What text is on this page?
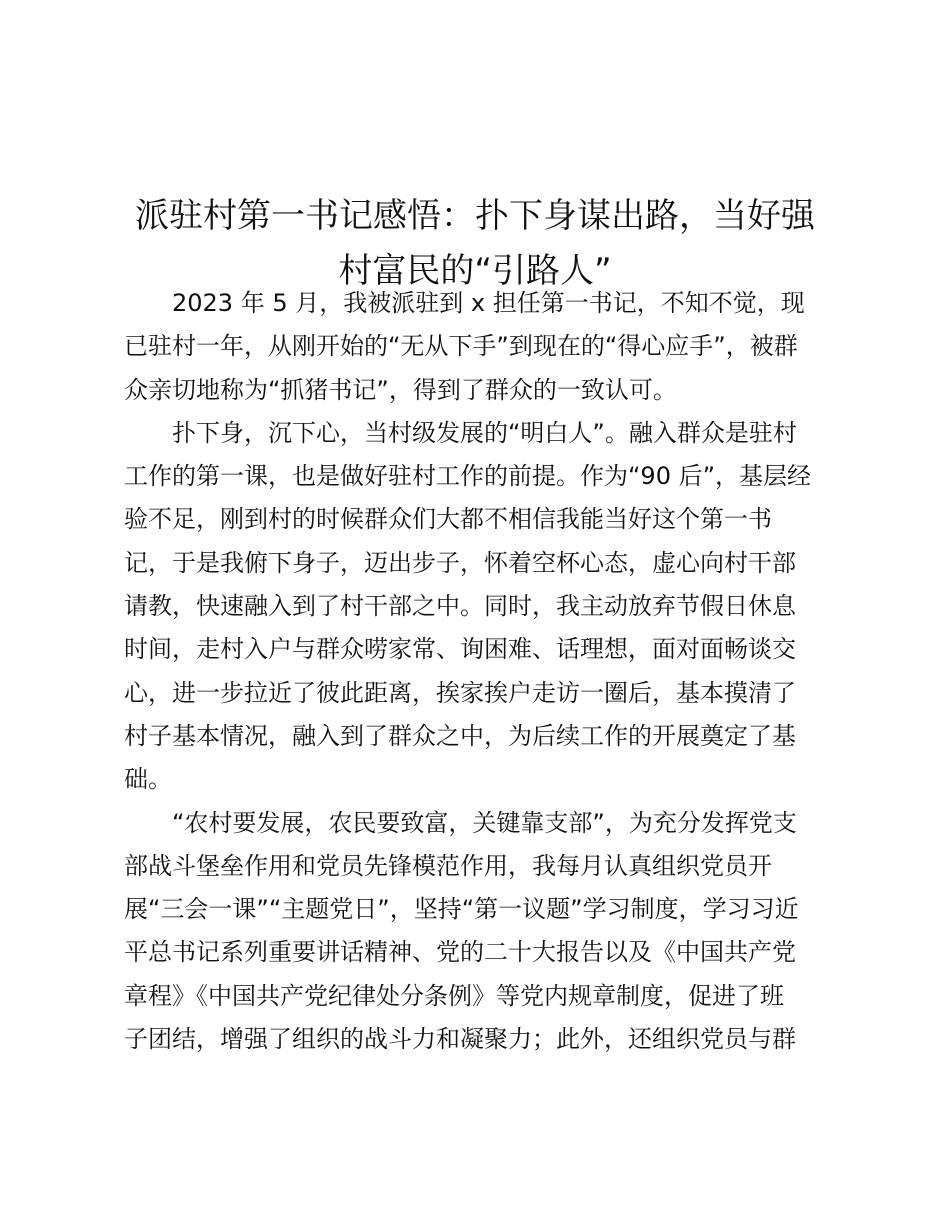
派驻村第一书记感悟：扑下身谋出路，当好强
村富民的“引路人”
2023 年 5 月，我被派驻到 x 担任第一书记，不知不觉，现
已驻村一年，从刚开始的“无从下手”到现在的“得心应手”，被群
众亲切地称为“抓猪书记”，得到了群众的一致认可。
扑下身，沉下心，当村级发展的“明白人”。融入群众是驻村
工作的第一课，也是做好驻村工作的前提。作为“90 后”，基层经
验不足，刚到村的时候群众们大都不相信我能当好这个第一书
记，于是我俯下身子，迈出步子，怀着空杯心态，虚心向村干部
请教，快速融入到了村干部之中。同时，我主动放弃节假日休息
时间，走村入户与群众唠家常、询困难、话理想，面对面畅谈交
心，进一步拉近了彼此距离，挨家挨户走访一圈后，基本摸清了
村子基本情况，融入到了群众之中，为后续工作的开展奠定了基
础。
“农村要发展，农民要致富，关键靠支部”，为充分发挥党支
部战斗堡垒作用和党员先锋模范作用，我每月认真组织党员开
展“三会一课”“主题党日”，坚持“第一议题”学习制度，学习习近
平总书记系列重要讲话精神、党的二十大报告以及《中国共产党
章程》《中国共产党纪律处分条例》等党内规章制度，促进了班
子团结，增强了组织的战斗力和凝聚力；此外，还组织党员与群
